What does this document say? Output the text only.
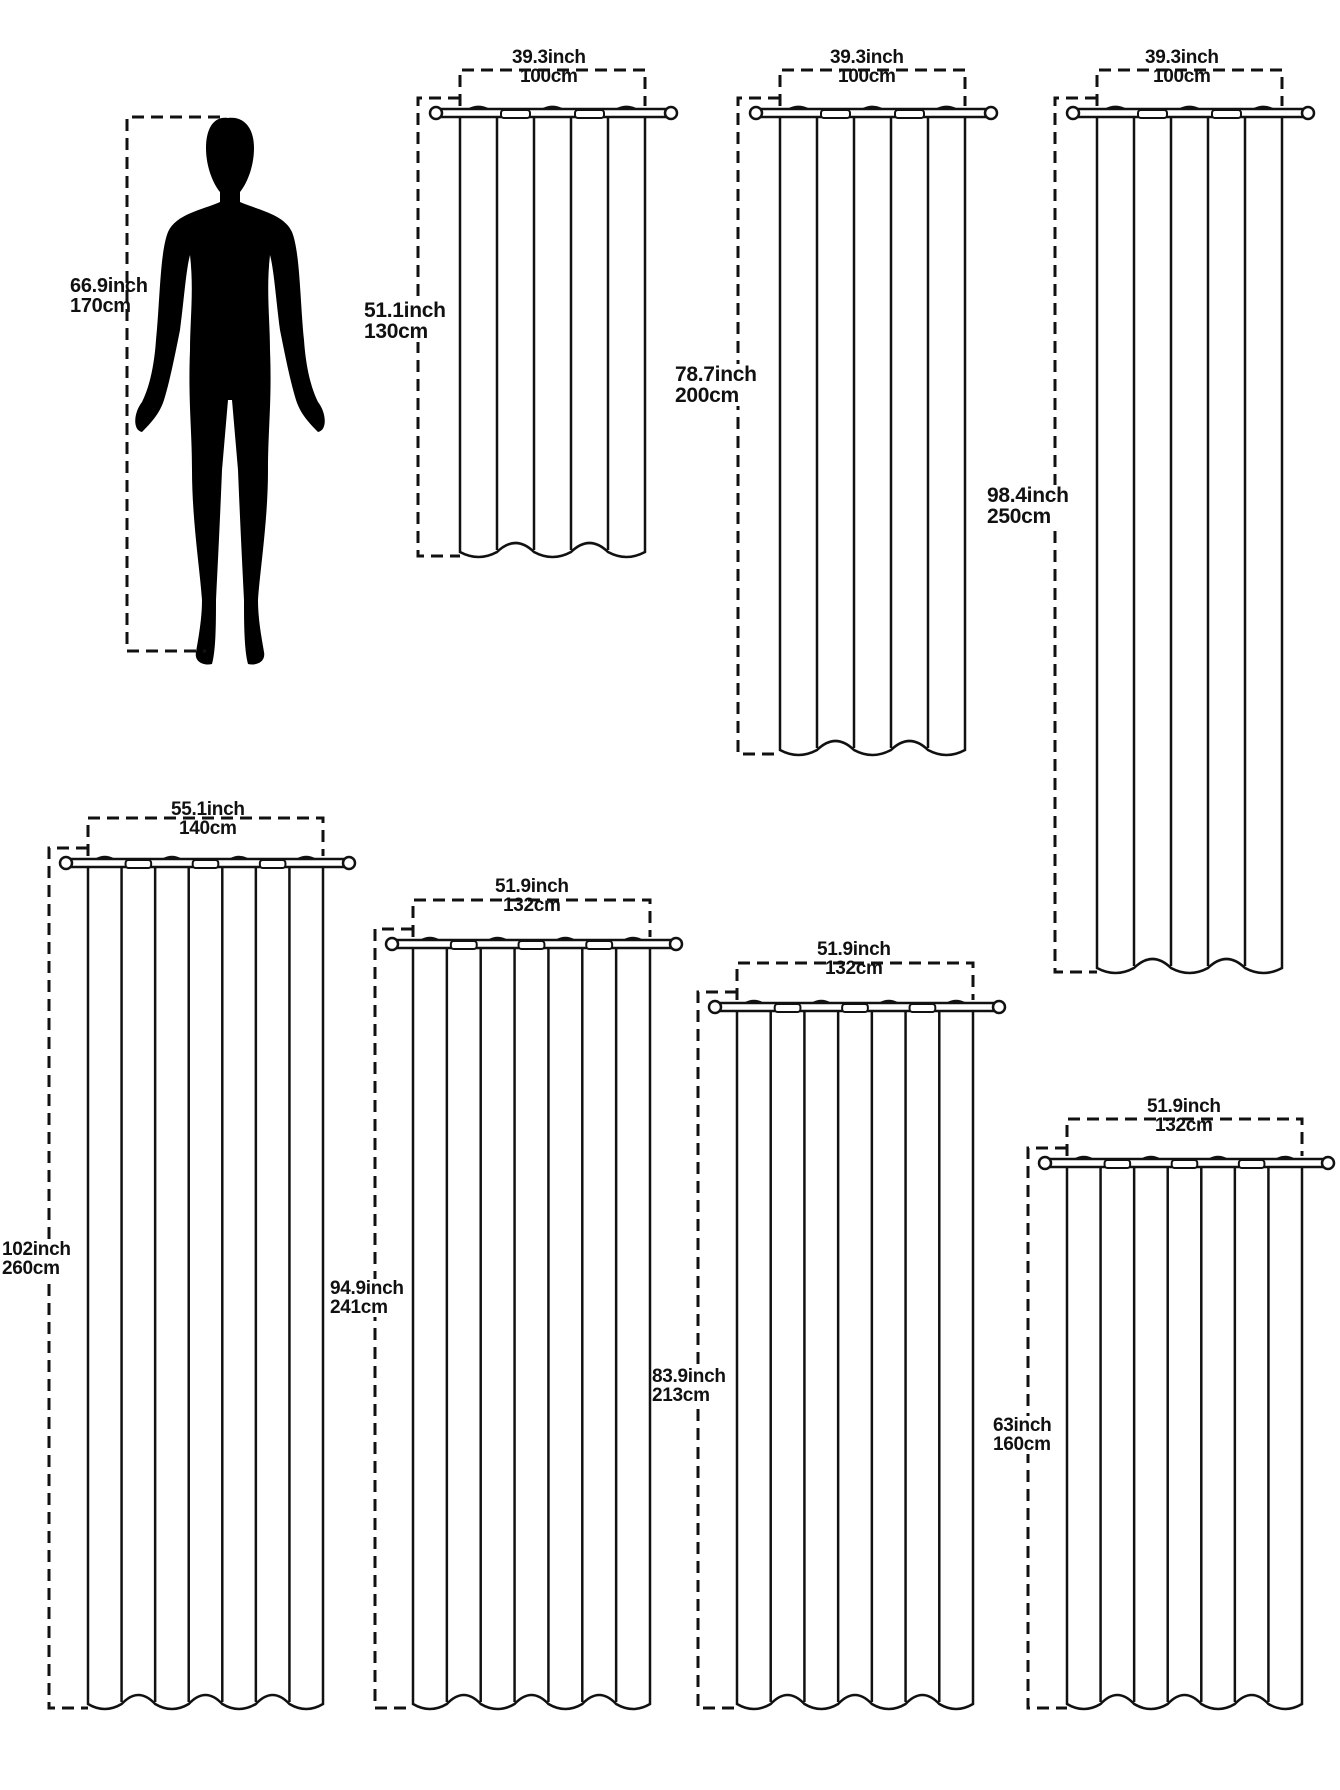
66.9inch
170cm
39.3inch
100cm
51.1inch
130cm
39.3inch
100cm
78.7inch
200cm
39.3inch
100cm
98.4inch
250cm
55.1inch
140cm
102inch
260cm
51.9inch
132cm
94.9inch
241cm
51.9inch
132cm
83.9inch
213cm
51.9inch
132cm
63inch
160cm
